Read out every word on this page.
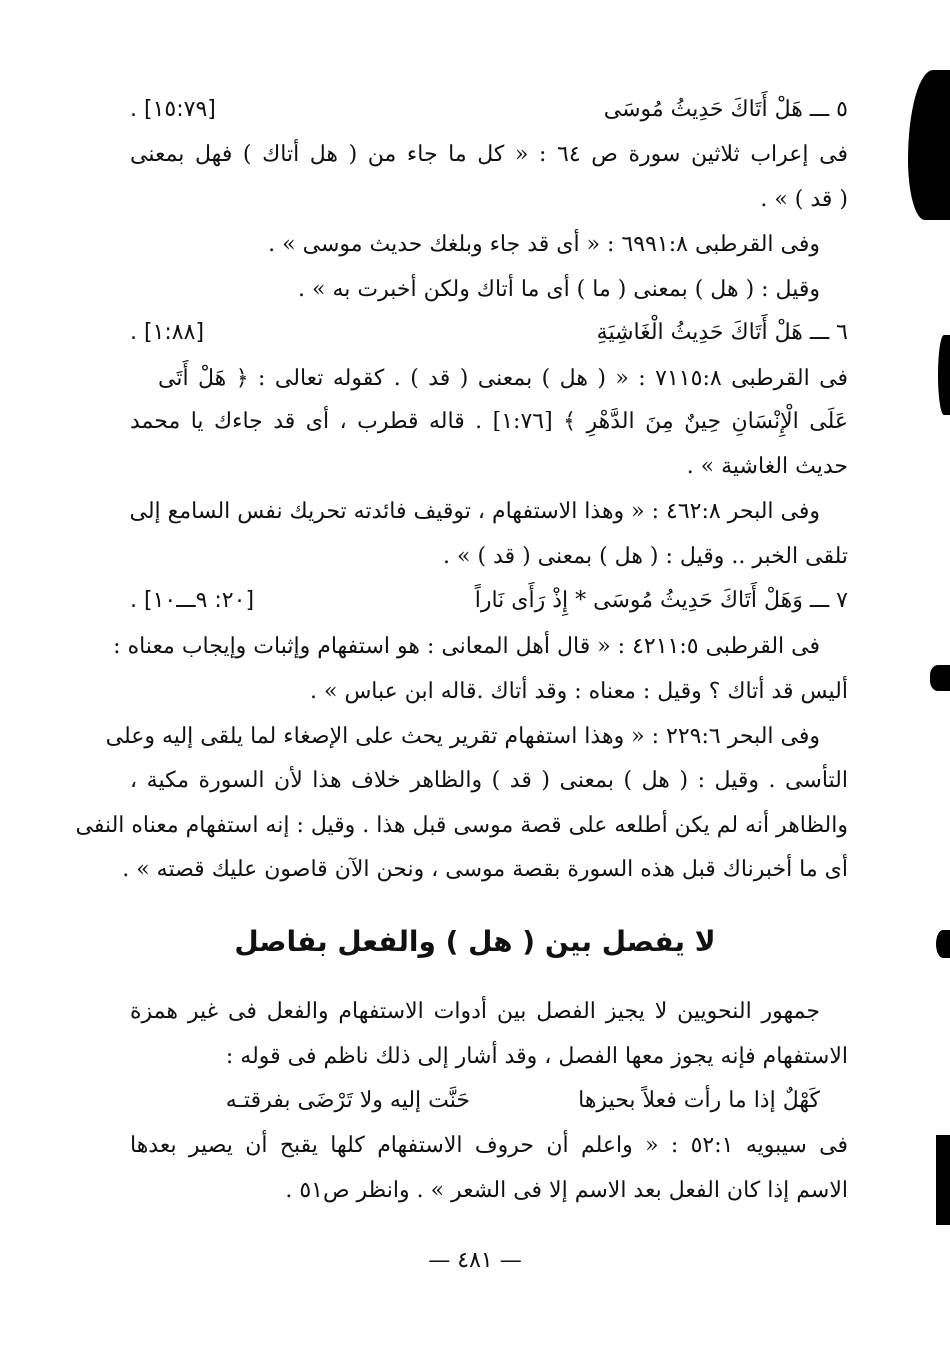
٥ ـــ هَلْ أَتَاكَ حَدِيثُ مُوسَى
[١٥:٧٩] .
فى إعراب ثلاثين سورة ص ٦٤ : « كل ما جاء من ( هل أتاك ) فهل بمعنى
( قد ) » .
وفى القرطبى ٦٩٩١:٨ : « أى قد جاء وبلغك حديث موسى » .
وقيل : ( هل ) بمعنى ( ما ) أى ما أتاك ولكن أخبرت به » .
٦ ـــ هَلْ أَتَاكَ حَدِيثُ الْغَاشِيَةِ
[١:٨٨] .
فى القرطبى ٧١١٥:٨ : « ( هل ) بمعنى ( قد ) . كقوله تعالى : ﴿ هَلْ أَتَى
عَلَى الْإِنْسَانِ حِينٌ مِنَ الدَّهْرِ ﴾ [١:٧٦] . قاله قطرب ، أى قد جاءك يا محمد
حديث الغاشية » .
وفى البحر ٤٦٢:٨ : « وهذا الاستفهام ، توقيف فائدته تحريك نفس السامع إلى
تلقى الخبر .. وقيل : ( هل ) بمعنى ( قد ) » .
٧ ـــ وَهَلْ أَتَاكَ حَدِيثُ مُوسَى * إِذْ رَأَى نَاراً
[٢٠: ٩ـــ١٠] .
فى القرطبى ٤٢١١:٥ : « قال أهل المعانى : هو استفهام وإثبات وإيجاب معناه :
أليس قد أتاك ؟ وقيل : معناه : وقد أتاك .قاله ابن عباس » .
وفى البحر ٢٢٩:٦ : « وهذا استفهام تقرير يحث على الإصغاء لما يلقى إليه وعلى
التأسى . وقيل : ( هل ) بمعنى ( قد ) والظاهر خلاف هذا لأن السورة مكية ،
والظاهر أنه لم يكن أطلعه على قصة موسى قبل هذا . وقيل : إنه استفهام معناه النفى
أى ما أخبرناك قبل هذه السورة بقصة موسى ، ونحن الآن قاصون عليك قصته » .
لا يفصل بين ( هل ) والفعل بفاصل
جمهور النحويين لا يجيز الفصل بين أدوات الاستفهام والفعل فى غير همزة
الاستفهام فإنه يجوز معها الفصل ، وقد أشار إلى ذلك ناظم فى قوله :
كَهْلٌ إذا ما رأت فعلاً بحيزها
حَنَّت إليه ولا تَرْضَى بفرقتـه
فى سيبويه ٥٢:١ : « واعلم أن حروف الاستفهام كلها يقبح أن يصير بعدها
الاسم إذا كان الفعل بعد الاسم إلا فى الشعر » . وانظر ص٥١ .
— ٤٨١ —
